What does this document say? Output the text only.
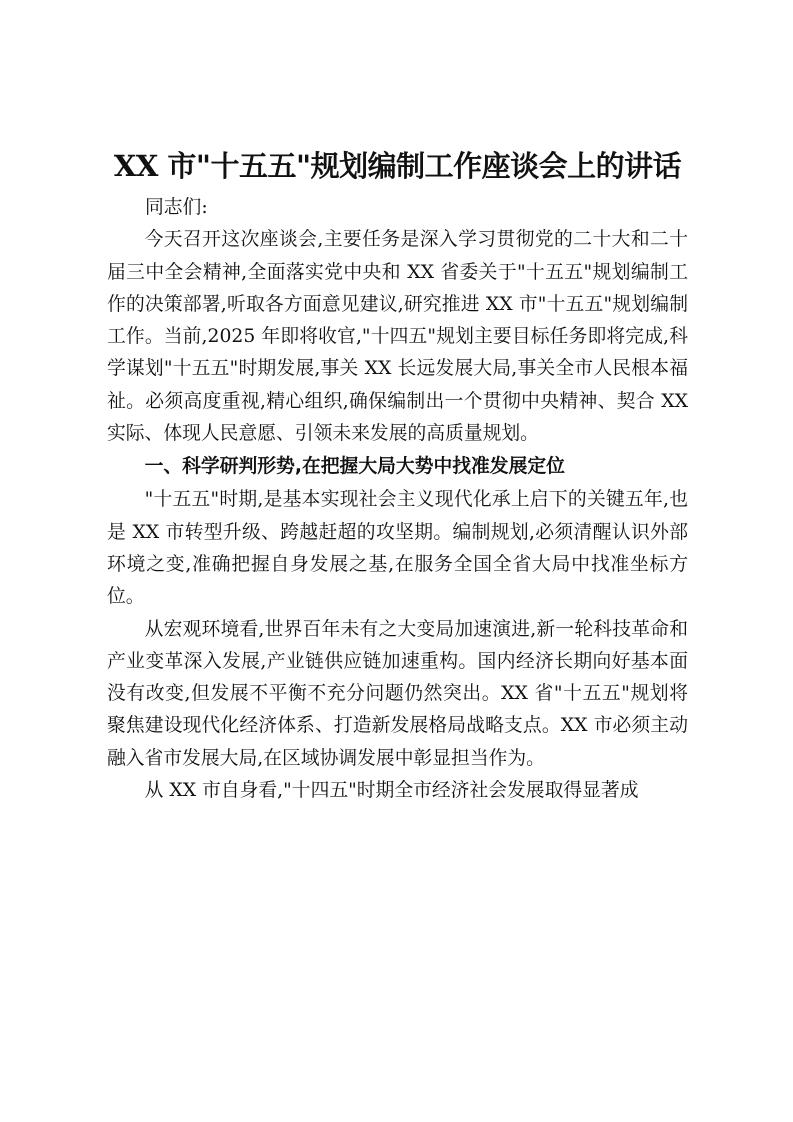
XX 市"十五五"规划编制工作座谈会上的讲话

同志们:

今天召开这次座谈会,主要任务是深入学习贯彻党的二十大和二十届三中全会精神,全面落实党中央和 XX 省委关于"十五五"规划编制工作的决策部署,听取各方面意见建议,研究推进 XX 市"十五五"规划编制工作。当前,2025 年即将收官,"十四五"规划主要目标任务即将完成,科学谋划"十五五"时期发展,事关 XX 长远发展大局,事关全市人民根本福祉。必须高度重视,精心组织,确保编制出一个贯彻中央精神、契合 XX 实际、体现人民意愿、引领未来发展的高质量规划。

一、科学研判形势,在把握大局大势中找准发展定位

"十五五"时期,是基本实现社会主义现代化承上启下的关键五年,也是 XX 市转型升级、跨越赶超的攻坚期。编制规划,必须清醒认识外部环境之变,准确把握自身发展之基,在服务全国全省大局中找准坐标方位。

从宏观环境看,世界百年未有之大变局加速演进,新一轮科技革命和产业变革深入发展,产业链供应链加速重构。国内经济长期向好基本面没有改变,但发展不平衡不充分问题仍然突出。XX 省"十五五"规划将聚焦建设现代化经济体系、打造新发展格局战略支点。XX 市必须主动融入省市发展大局,在区域协调发展中彰显担当作为。

从 XX 市自身看,"十四五"时期全市经济社会发展取得显著成
